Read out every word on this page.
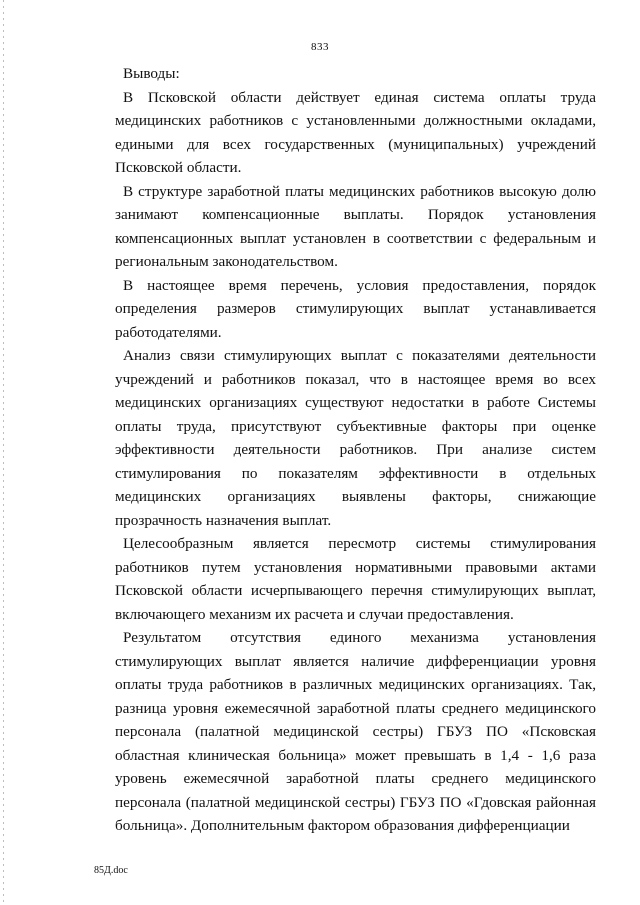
833

Выводы:

В Псковской области действует единая система оплаты труда медицинских работников с установленными должностными окладами, едиными для всех государственных (муниципальных) учреждений Псковской области.

В структуре заработной платы медицинских работников высокую долю занимают компенсационные выплаты. Порядок установления компенсационных выплат установлен в соответствии с федеральным и региональным законодательством.

В настоящее время перечень, условия предоставления, порядок определения размеров стимулирующих выплат устанавливается работодателями.

Анализ связи стимулирующих выплат с показателями деятельности учреждений и работников показал, что в настоящее время во всех медицинских организациях существуют недостатки в работе Системы оплаты труда, присутствуют субъективные факторы при оценке эффективности деятельности работников. При анализе систем стимулирования по показателям эффективности в отдельных медицинских организациях выявлены факторы, снижающие прозрачность назначения выплат.

Целесообразным является пересмотр системы стимулирования работников путем установления нормативными правовыми актами Псковской области исчерпывающего перечня стимулирующих выплат, включающего механизм их расчета и случаи предоставления.

Результатом отсутствия единого механизма установления стимулирующих выплат является наличие дифференциации уровня оплаты труда работников в различных медицинских организациях. Так, разница уровня ежемесячной заработной платы среднего медицинского персонала (палатной медицинской сестры) ГБУЗ ПО «Псковская областная клиническая больница» может превышать в 1,4 - 1,6 раза уровень ежемесячной заработной платы среднего медицинского персонала (палатной медицинской сестры) ГБУЗ ПО «Гдовская районная больница». Дополнительным фактором образования дифференциации

85Д.doc
